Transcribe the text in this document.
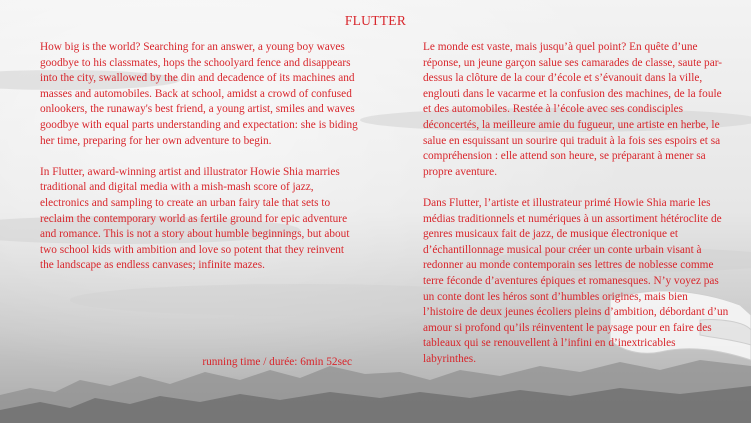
FLUTTER

How big is the world? Searching for an answer, a young boy waves goodbye to his classmates, hops the schoolyard fence and disappears into the city, swallowed by the din and decadence of its machines and masses and automobiles. Back at school, amidst a crowd of confused onlookers, the runaway's best friend, a young artist, smiles and waves goodbye with equal parts understanding and expectation: she is biding her time, preparing for her own adventure to begin.

In Flutter, award-winning artist and illustrator Howie Shia marries traditional and digital media with a mish-mash score of jazz, electronics and sampling to create an urban fairy tale that sets to reclaim the contemporary world as fertile ground for epic adventure and romance. This is not a story about humble beginnings, but about two school kids with ambition and love so potent that they reinvent the landscape as endless canvases; infinite mazes.

running time / durée: 6min 52sec

Le monde est vaste, mais jusqu’à quel point? En quête d’une réponse, un jeune garçon salue ses camarades de classe, saute par-dessus la clôture de la cour d’école et s’évanouit dans la ville, englouti dans le vacarme et la confusion des machines, de la foule et des automobiles. Restée à l’école avec ses condisciples déconcertés, la meilleure amie du fugueur, une artiste en herbe, le salue en esquissant un sourire qui traduit à la fois ses espoirs et sa compréhension : elle attend son heure, se préparant à mener sa propre aventure.

Dans Flutter, l’artiste et illustrateur primé Howie Shia marie les médias traditionnels et numériques à un assortiment hétéroclite de genres musicaux fait de jazz, de musique électronique et d’échantillonnage musical pour créer un conte urbain visant à redonner au monde contemporain ses lettres de noblesse comme terre féconde d’aventures épiques et romanesques. N’y voyez pas un conte dont les héros sont d’humbles origines, mais bien l’histoire de deux jeunes écoliers pleins d’ambition, débordant d’un amour si profond qu’ils réinventent le paysage pour en faire des tableaux qui se renouvellent à l’infini en d’inextricables labyrinthes.
